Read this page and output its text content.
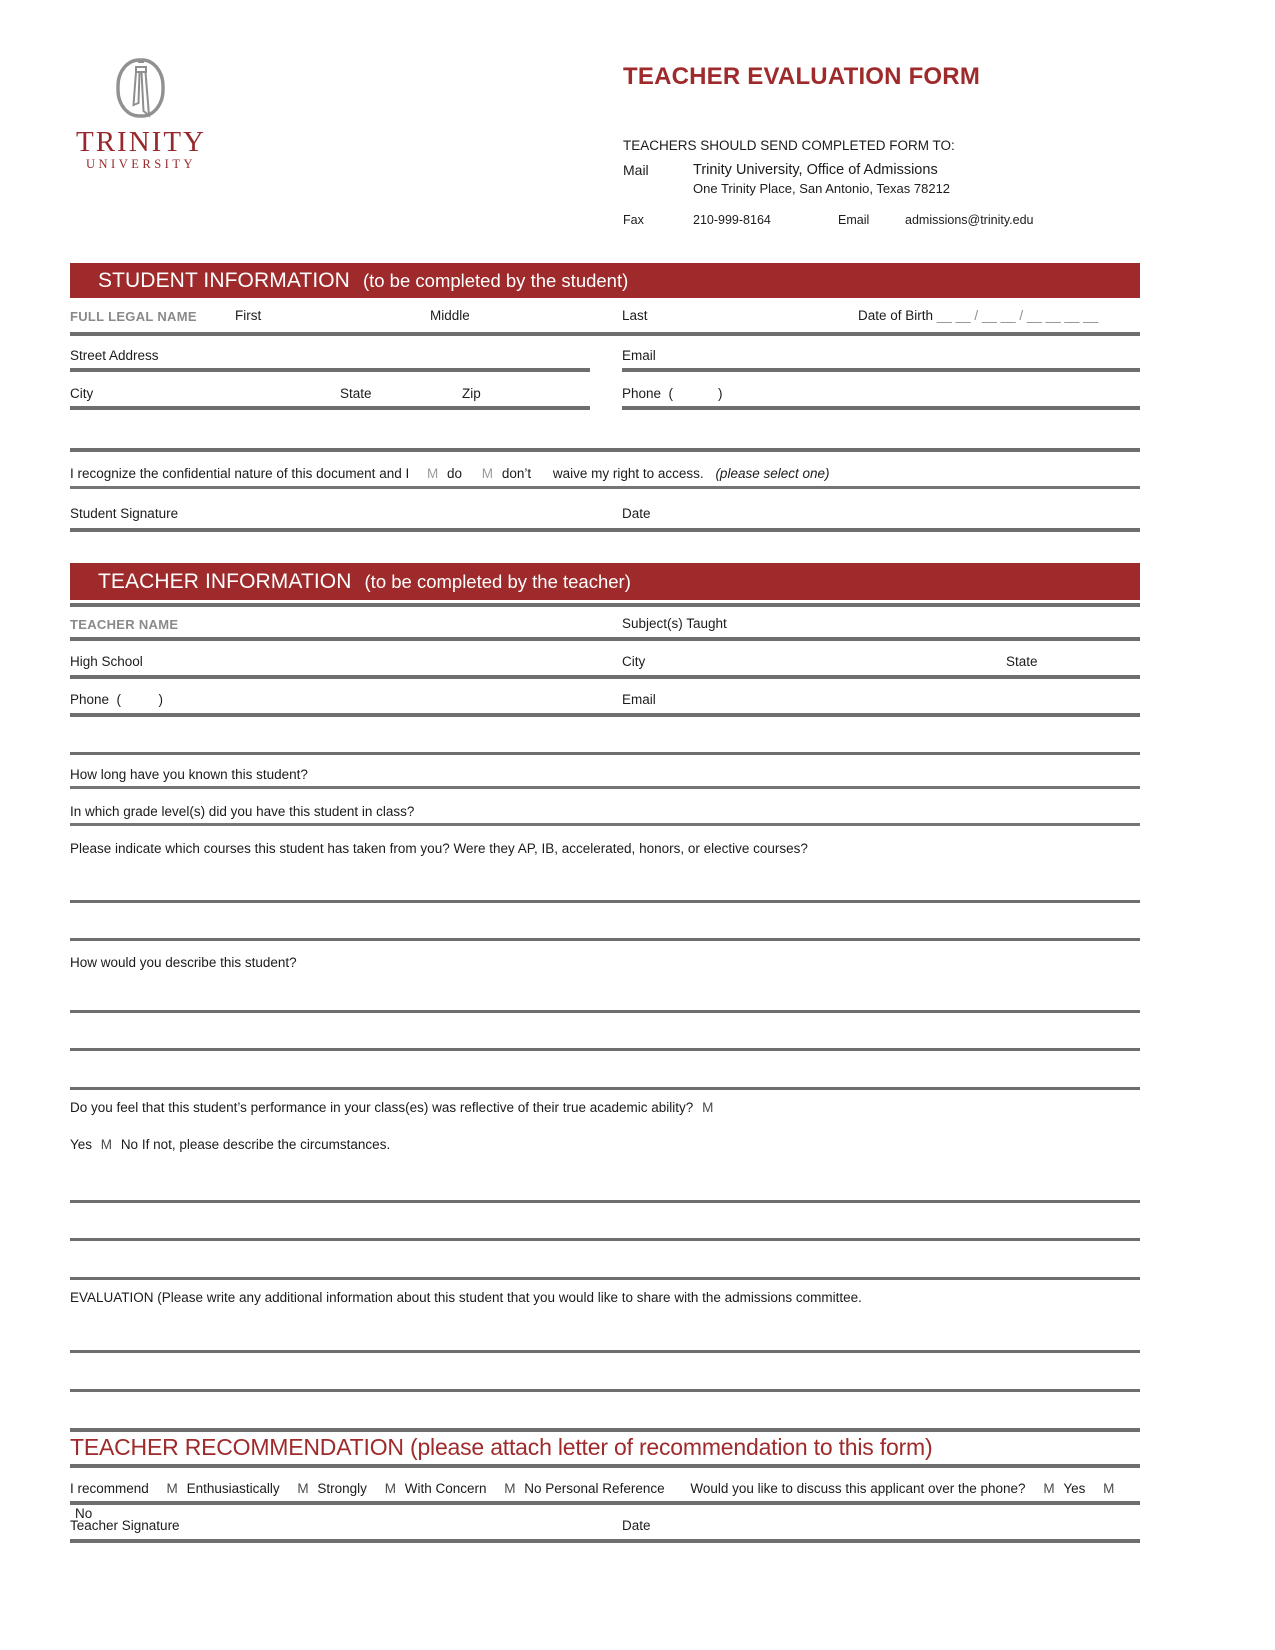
TRINITY
UNIVERSITY
TEACHER EVALUATION FORM
TEACHERS SHOULD SEND COMPLETED FORM TO:
Mail	Trinity University, Office of Admissions
One Trinity Place, San Antonio, Texas 78212
Fax	210-999-8164	Email	admissions@trinity.edu
STUDENT INFORMATION (to be completed by the student)
FULL LEGAL NAME	First	Middle	Last	Date of Birth __ __ / __ __ / __ __ __ __
Street Address	Email
City	State	Zip	Phone  (            )
I recognize the confidential nature of this document and I M do M don’t waive my right to access. (please select one)
Student Signature	Date
TEACHER INFORMATION (to be completed by the teacher)
TEACHER NAME	Subject(s) Taught
High School	City	State
Phone  (          )	Email
How long have you known this student?
In which grade level(s) did you have this student in class?
Please indicate which courses this student has taken from you? Were they AP, IB, accelerated, honors, or elective courses?
How would you describe this student?
Do you feel that this student’s performance in your class(es) was reflective of their true academic ability? M
Yes M No If not, please describe the circumstances.
EVALUATION (Please write any additional information about this student that you would like to share with the admissions committee.
TEACHER RECOMMENDATION (please attach letter of recommendation to this form)
I recommend M Enthusiastically M Strongly M With Concern M No Personal Reference Would you like to discuss this applicant over the phone? M Yes M No
Teacher Signature	Date
